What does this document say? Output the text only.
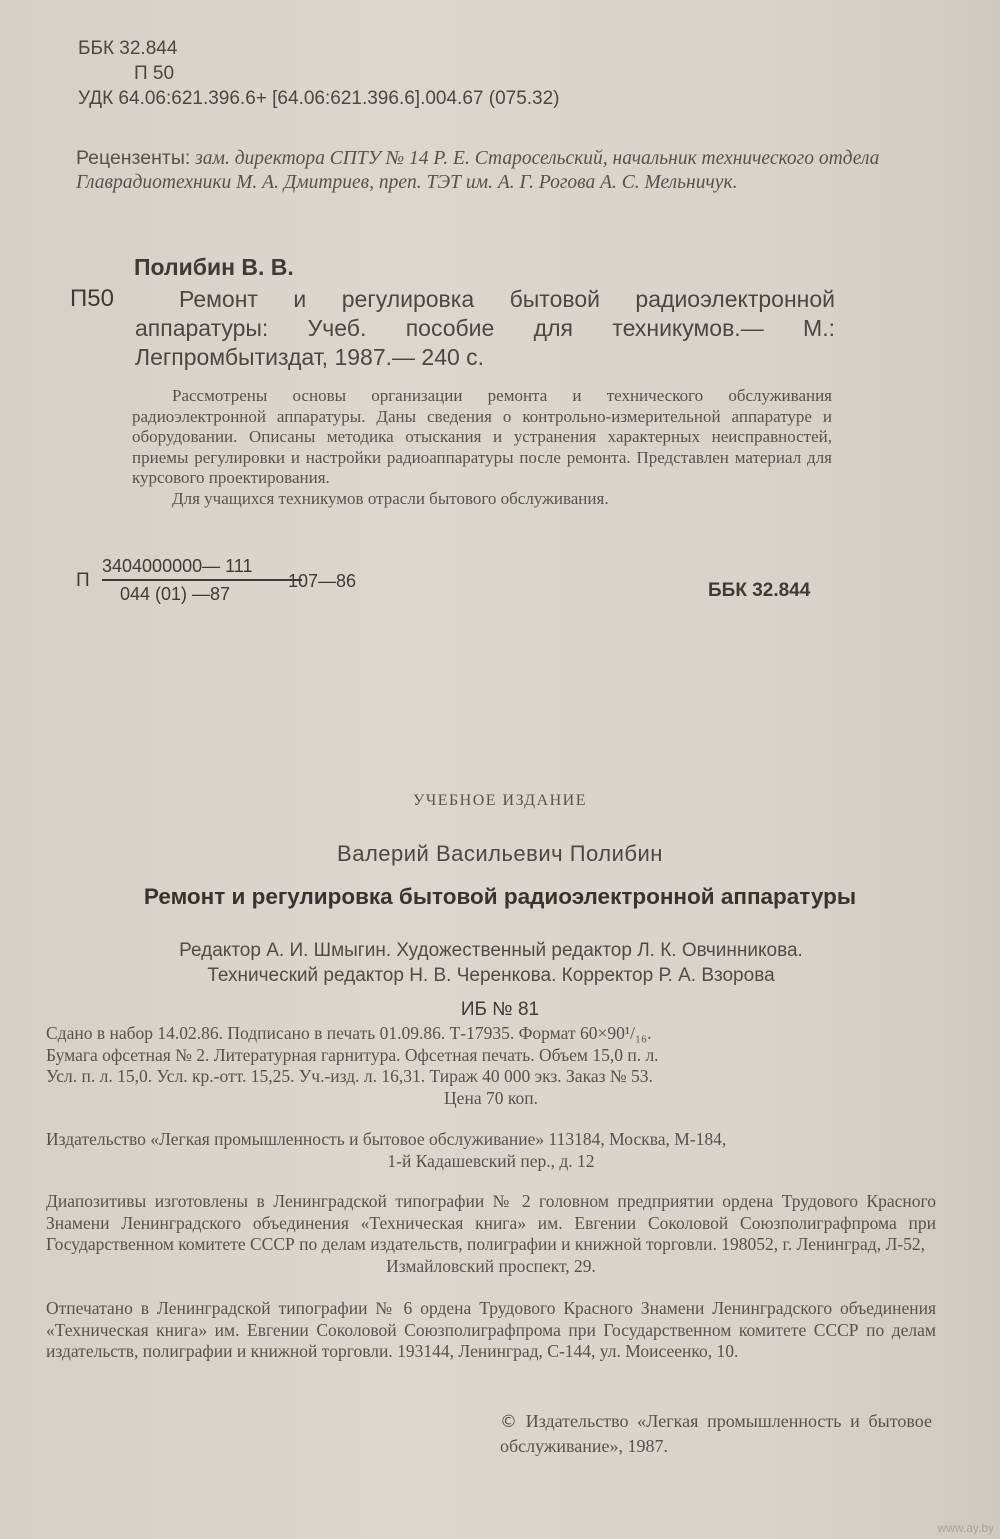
ББК 32.844
П 50
УДК 64.06:621.396.6+ [64.06:621.396.6].004.67 (075.32)

Рецензенты: зам. директора СПТУ № 14 Р. Е. Старосельский, начальник технического отдела Главрадиотехники М. А. Дмитриев, преп. ТЭТ им. А. Г. Рогова А. С. Мельничук.

Полибин В. В.
П50	Ремонт и регулировка бытовой радиоэлектронной аппаратуры: Учеб. пособие для техникумов.— М.: Легпромбытиздат, 1987.— 240 с.

Рассмотрены основы организации ремонта и технического обслуживания радиоэлектронной аппаратуры. Даны сведения о контрольно-измерительной аппаратуре и оборудовании. Описаны методика отыскания и устранения характерных неисправностей, приемы регулировки и настройки радиоаппаратуры после ремонта. Представлен материал для курсового проектирования.

Для учащихся техникумов отрасли бытового обслуживания.

П
3404000000— 111
044 (01) —87
107—86	ББК 32.844
УЧЕБНОЕ ИЗДАНИЕ
Валерий Васильевич Полибин
Ремонт и регулировка бытовой радиоэлектронной аппаратуры
Редактор А. И. Шмыгин. Художественный редактор Л. К. Овчинникова.
Технический редактор Н. В. Черенкова. Корректор Р. А. Взорова
ИБ № 81
Сдано в набор 14.02.86. Подписано в печать 01.09.86. Т-17935. Формат 60×90¹/₁₆.
Бумага офсетная № 2. Литературная гарнитура. Офсетная печать. Объем 15,0 п. л.
Усл. п. л. 15,0. Усл. кр.-отт. 15,25. Уч.-изд. л. 16,31. Тираж 40 000 экз. Заказ № 53.
Цена 70 коп.
Издательство «Легкая промышленность и бытовое обслуживание» 113184, Москва, М-184,
1-й Кадашевский пер., д. 12
Диапозитивы изготовлены в Ленинградской типографии № 2 головном предприятии ордена Трудового Красного Знамени Ленинградского объединения «Техническая книга» им. Евгении Соколовой Союзполиграфпрома при Государственном комитете СССР по делам издательств, полиграфии и книжной торговли. 198052, г. Ленинград, Л-52,
Измайловский проспект, 29.

Отпечатано в Ленинградской типографии № 6 ордена Трудового Красного Знамени Ленинградского объединения «Техническая книга» им. Евгении Соколовой Союзполиграфпрома при Государственном комитете СССР по делам издательств, полиграфии и книжной торговли. 193144, Ленинград, С-144, ул. Моисеенко, 10.

© Издательство «Легкая промышленность и бытовое обслуживание», 1987.

www.ay.by
